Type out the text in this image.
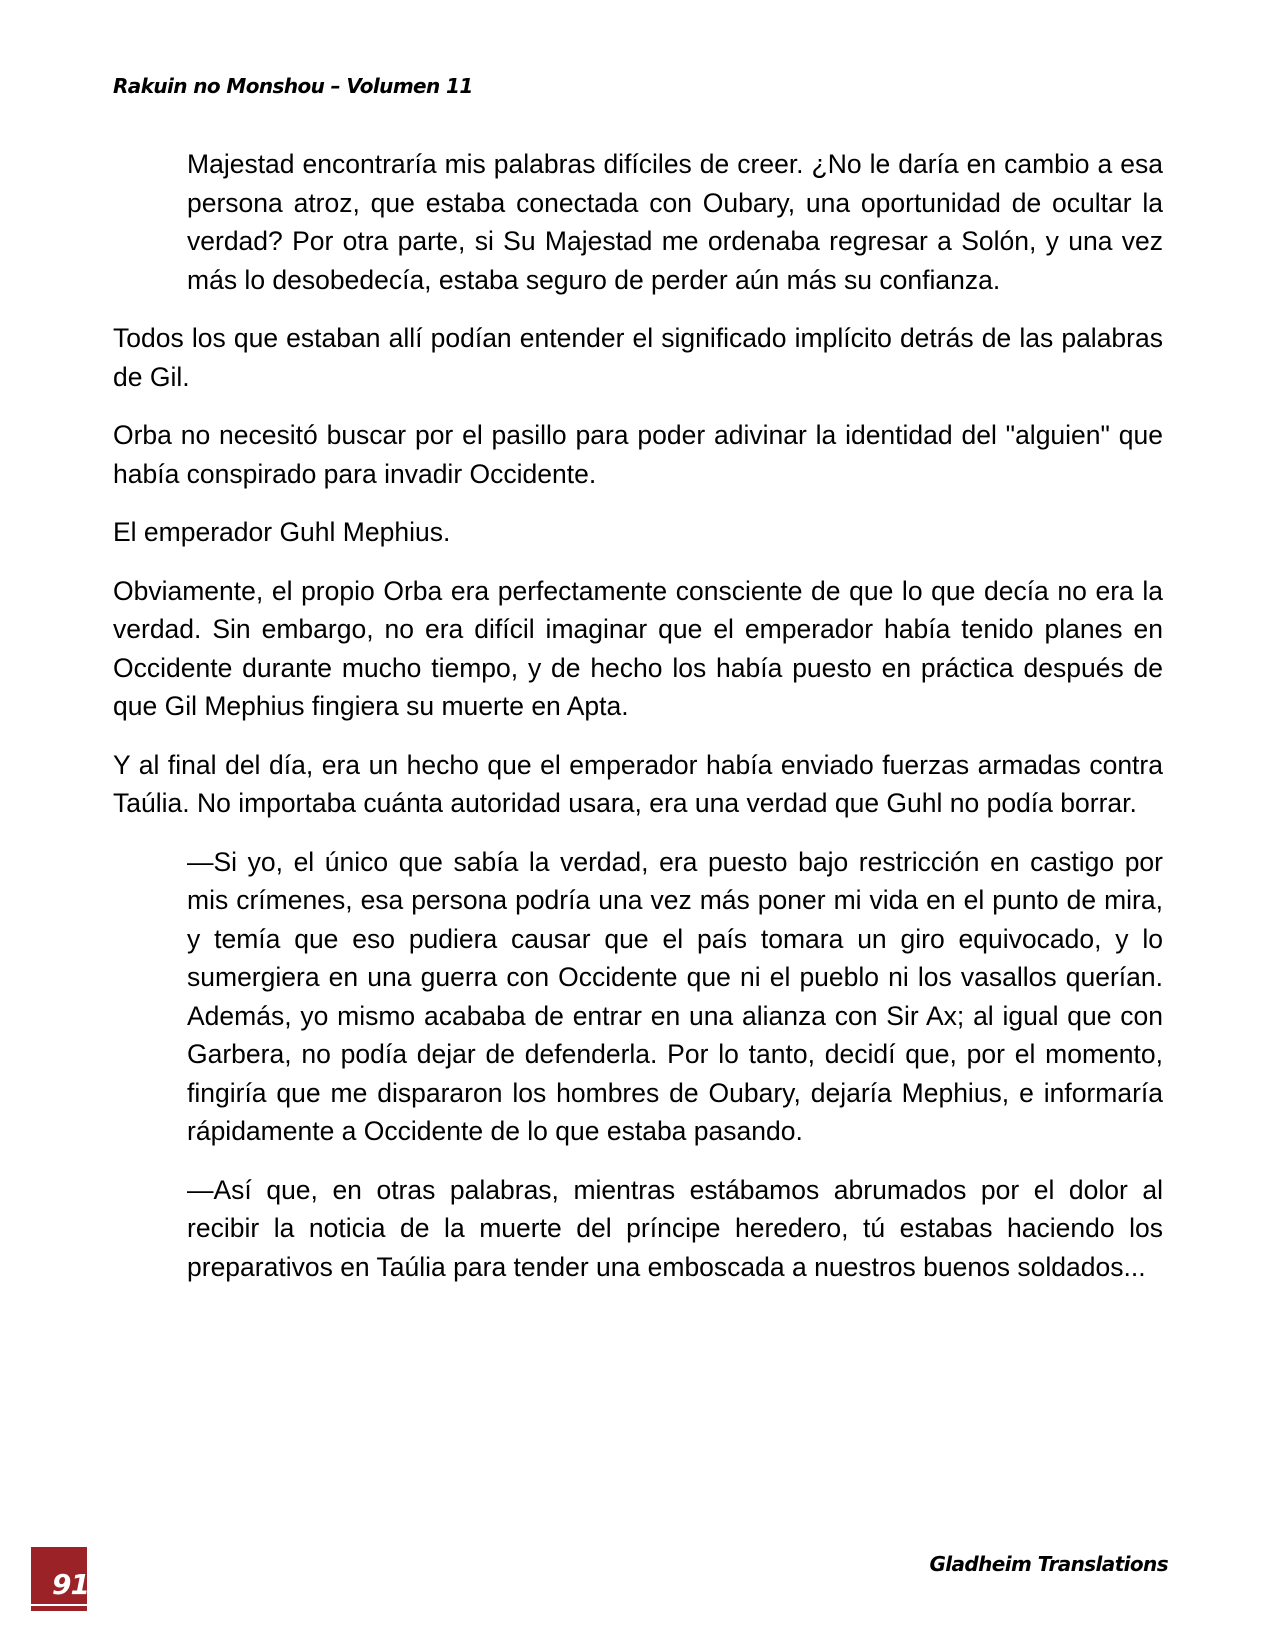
Rakuin no Monshou – Volumen 11

Majestad encontraría mis palabras difíciles de creer. ¿No le daría en cambio a esa persona atroz, que estaba conectada con Oubary, una oportunidad de ocultar la verdad? Por otra parte, si Su Majestad me ordenaba regresar a Solón, y una vez más lo desobedecía, estaba seguro de perder aún más su confianza.

Todos los que estaban allí podían entender el significado implícito detrás de las palabras de Gil.

Orba no necesitó buscar por el pasillo para poder adivinar la identidad del "alguien" que había conspirado para invadir Occidente.

El emperador Guhl Mephius.

Obviamente, el propio Orba era perfectamente consciente de que lo que decía no era la verdad. Sin embargo, no era difícil imaginar que el emperador había tenido planes en Occidente durante mucho tiempo, y de hecho los había puesto en práctica después de que Gil Mephius fingiera su muerte en Apta.

Y al final del día, era un hecho que el emperador había enviado fuerzas armadas contra Taúlia. No importaba cuánta autoridad usara, era una verdad que Guhl no podía borrar.

—Si yo, el único que sabía la verdad, era puesto bajo restricción en castigo por mis crímenes, esa persona podría una vez más poner mi vida en el punto de mira, y temía que eso pudiera causar que el país tomara un giro equivocado, y lo sumergiera en una guerra con Occidente que ni el pueblo ni los vasallos querían. Además, yo mismo acababa de entrar en una alianza con Sir Ax; al igual que con Garbera, no podía dejar de defenderla. Por lo tanto, decidí que, por el momento, fingiría que me dispararon los hombres de Oubary, dejaría Mephius, e informaría rápidamente a Occidente de lo que estaba pasando.

—Así que, en otras palabras, mientras estábamos abrumados por el dolor al recibir la noticia de la muerte del príncipe heredero, tú estabas haciendo los preparativos en Taúlia para tender una emboscada a nuestros buenos soldados...

91
Gladheim Translations
